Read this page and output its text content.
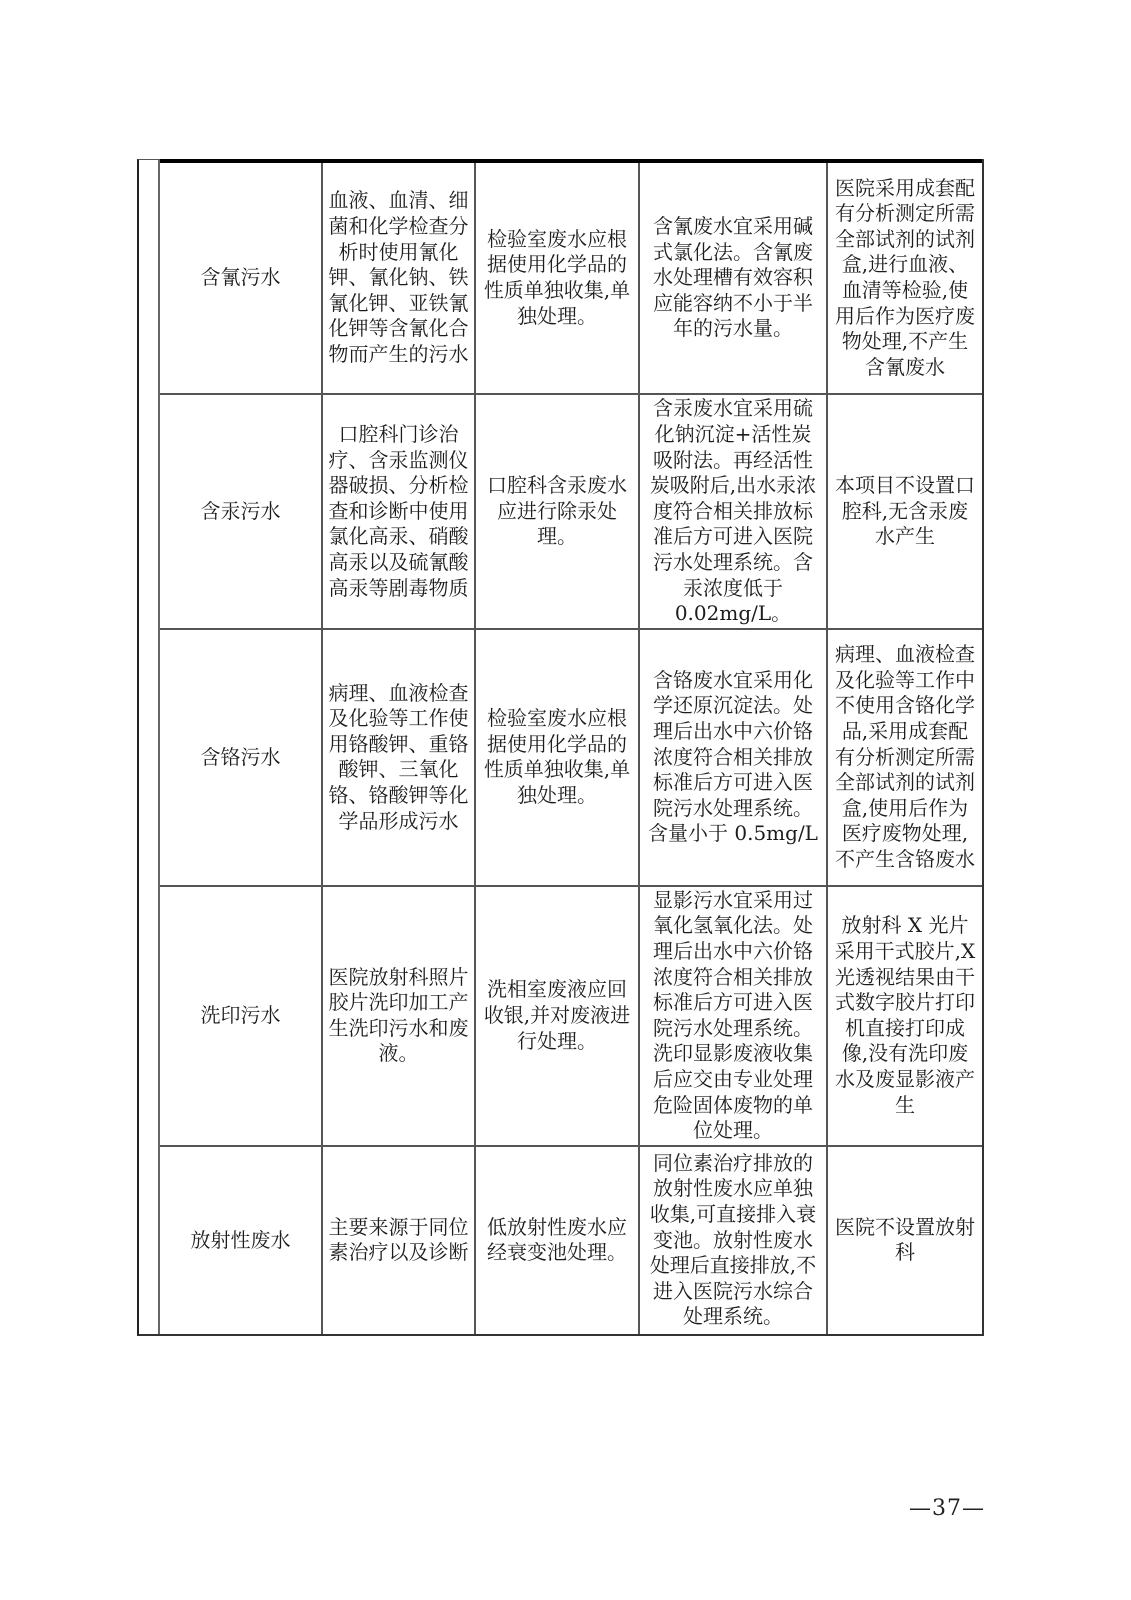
含氰污水
血液、血清、细菌和化学检查分析时使用氰化钾、氰化钠、铁氰化钾、亚铁氰化钾等含氰化合物而产生的污水
检验室废水应根据使用化学品的性质单独收集,单独处理。
含氰废水宜采用碱式氯化法。含氰废水处理槽有效容积应能容纳不小于半年的污水量。
医院采用成套配有分析测定所需全部试剂的试剂盒,进行血液、血清等检验,使用后作为医疗废物处理,不产生含氰废水
含汞污水
口腔科门诊治疗、含汞监测仪器破损、分析检查和诊断中使用氯化高汞、硝酸高汞以及硫氰酸高汞等剧毒物质
口腔科含汞废水应进行除汞处理。
含汞废水宜采用硫化钠沉淀+活性炭吸附法。再经活性炭吸附后,出水汞浓度符合相关排放标准后方可进入医院污水处理系统。含汞浓度低于0.02mg/L。
本项目不设置口腔科,无含汞废水产生
含铬污水
病理、血液检查及化验等工作使用铬酸钾、重铬酸钾、三氧化铬、铬酸钾等化学品形成污水
检验室废水应根据使用化学品的性质单独收集,单独处理。
含铬废水宜采用化学还原沉淀法。处理后出水中六价铬浓度符合相关排放标准后方可进入医院污水处理系统。含量小于 0.5mg/L
病理、血液检查及化验等工作中不使用含铬化学品,采用成套配有分析测定所需全部试剂的试剂盒,使用后作为医疗废物处理,不产生含铬废水
洗印污水
医院放射科照片胶片洗印加工产生洗印污水和废液。
洗相室废液应回收银,并对废液进行处理。
显影污水宜采用过氧化氢氧化法。处理后出水中六价铬浓度符合相关排放标准后方可进入医院污水处理系统。洗印显影废液收集后应交由专业处理危险固体废物的单位处理。
放射科 X 光片采用干式胶片,X 光透视结果由干式数字胶片打印机直接打印成像,没有洗印废水及废显影液产生
放射性废水
主要来源于同位素治疗以及诊断
低放射性废水应经衰变池处理。
同位素治疗排放的放射性废水应单独收集,可直接排入衰变池。放射性废水处理后直接排放,不进入医院污水综合处理系统。
医院不设置放射科
—37—
